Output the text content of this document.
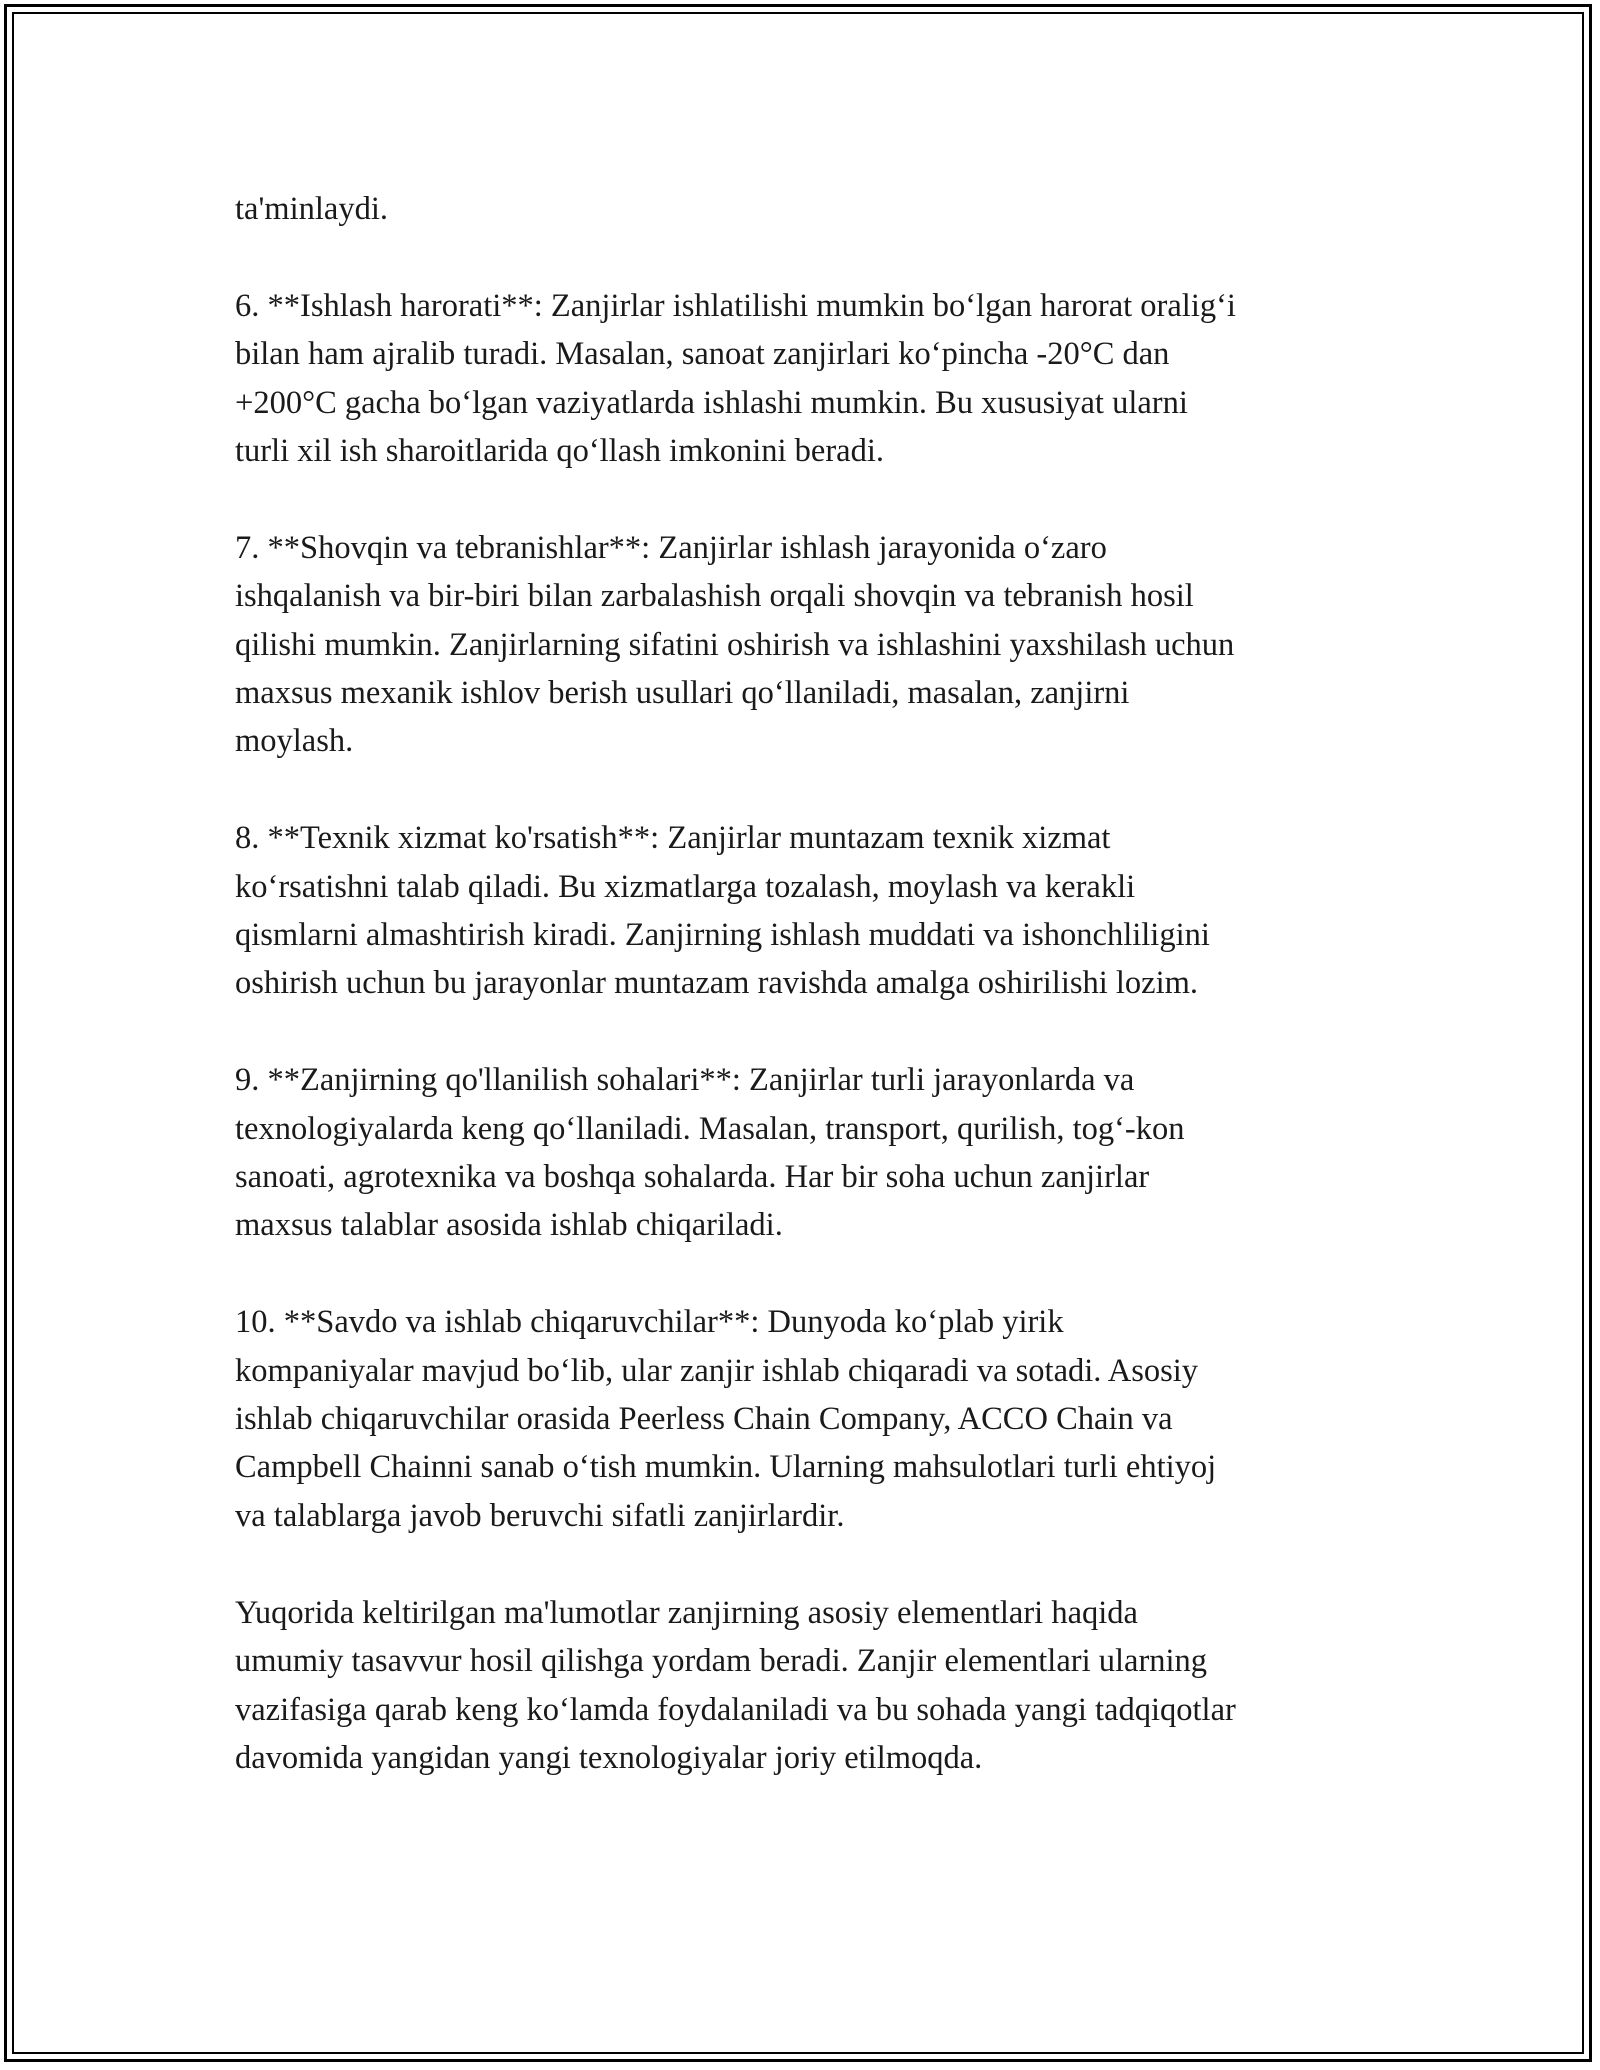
ta'minlaydi.

6. **Ishlash harorati**: Zanjirlar ishlatilishi mumkin bo‘lgan harorat oralig‘i
bilan ham ajralib turadi. Masalan, sanoat zanjirlari ko‘pincha -20°C dan
+200°C gacha bo‘lgan vaziyatlarda ishlashi mumkin. Bu xususiyat ularni
turli xil ish sharoitlarida qo‘llash imkonini beradi.

7. **Shovqin va tebranishlar**: Zanjirlar ishlash jarayonida o‘zaro
ishqalanish va bir-biri bilan zarbalashish orqali shovqin va tebranish hosil
qilishi mumkin. Zanjirlarning sifatini oshirish va ishlashini yaxshilash uchun
maxsus mexanik ishlov berish usullari qo‘llaniladi, masalan, zanjirni
moylash.

8. **Texnik xizmat ko'rsatish**: Zanjirlar muntazam texnik xizmat
ko‘rsatishni talab qiladi. Bu xizmatlarga tozalash, moylash va kerakli
qismlarni almashtirish kiradi. Zanjirning ishlash muddati va ishonchliligini
oshirish uchun bu jarayonlar muntazam ravishda amalga oshirilishi lozim.

9. **Zanjirning qo'llanilish sohalari**: Zanjirlar turli jarayonlarda va
texnologiyalarda keng qo‘llaniladi. Masalan, transport, qurilish, tog‘-kon
sanoati, agrotexnika va boshqa sohalarda. Har bir soha uchun zanjirlar
maxsus talablar asosida ishlab chiqariladi.

10. **Savdo va ishlab chiqaruvchilar**: Dunyoda ko‘plab yirik
kompaniyalar mavjud bo‘lib, ular zanjir ishlab chiqaradi va sotadi. Asosiy
ishlab chiqaruvchilar orasida Peerless Chain Company, ACCO Chain va
Campbell Chainni sanab o‘tish mumkin. Ularning mahsulotlari turli ehtiyoj
va talablarga javob beruvchi sifatli zanjirlardir.

Yuqorida keltirilgan ma'lumotlar zanjirning asosiy elementlari haqida
umumiy tasavvur hosil qilishga yordam beradi. Zanjir elementlari ularning
vazifasiga qarab keng ko‘lamda foydalaniladi va bu sohada yangi tadqiqotlar
davomida yangidan yangi texnologiyalar joriy etilmoqda.
